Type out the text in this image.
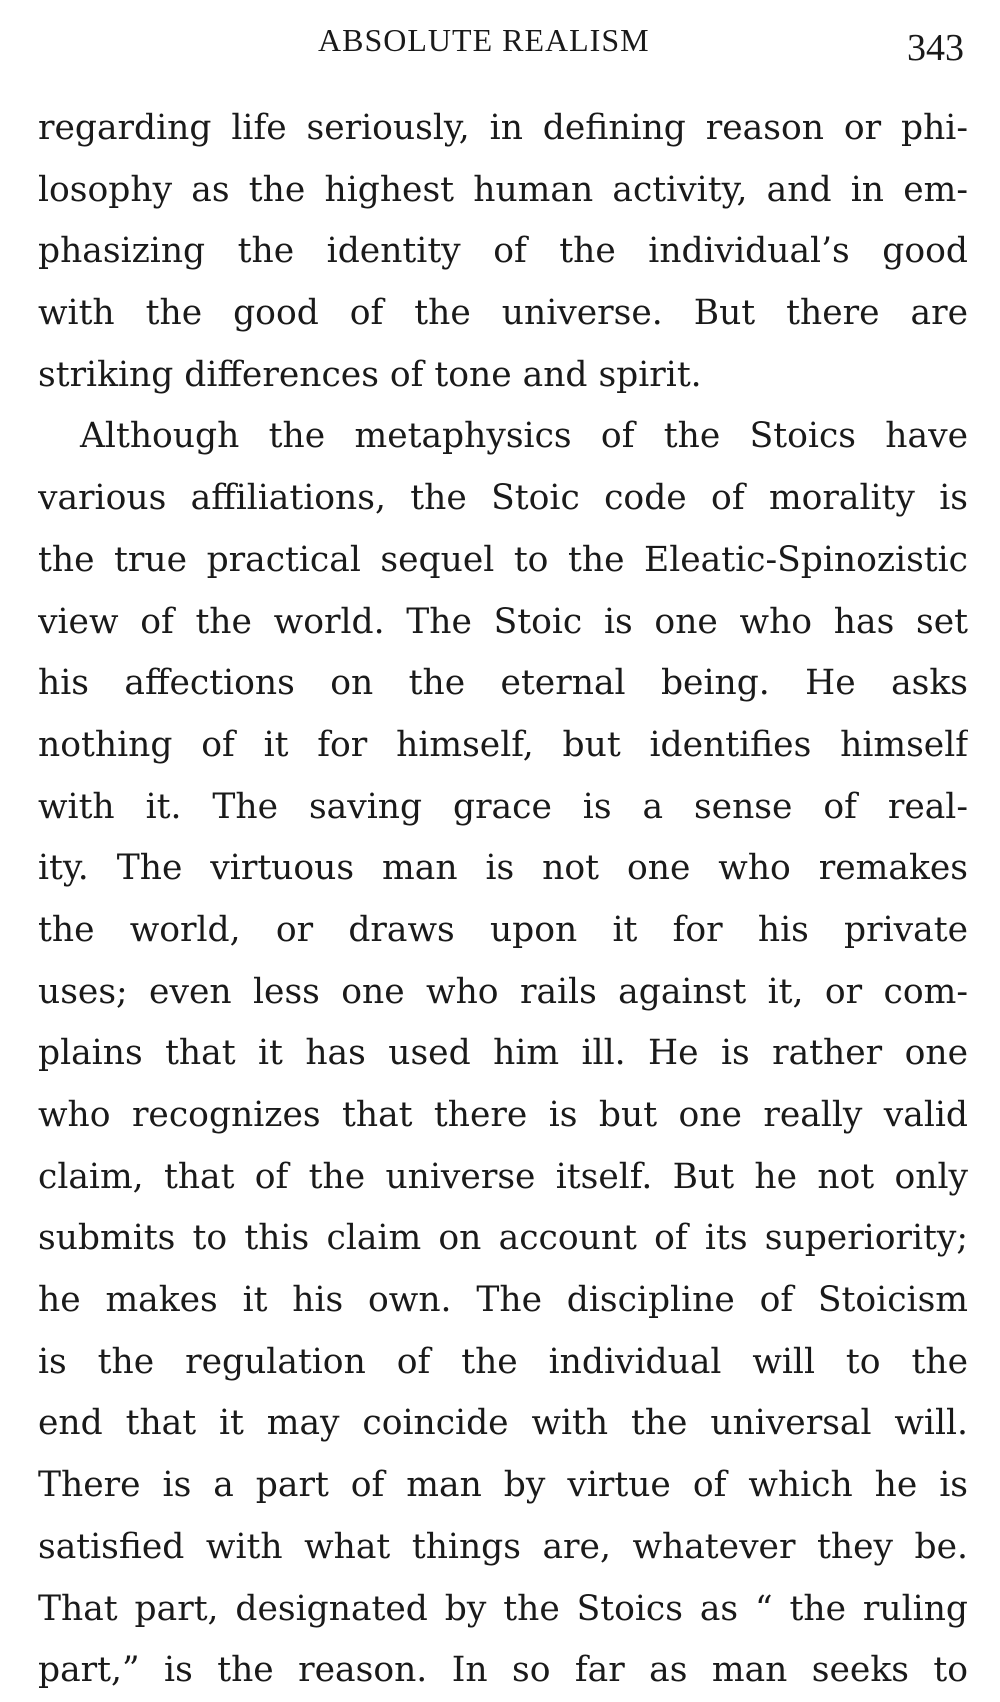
ABSOLUTE REALISM	343
regarding life seriously, in defining reason or phi-
losophy as the highest human activity, and in em-
phasizing the identity of the individual’s good
with the good of the universe. But there are
striking differences of tone and spirit.
Although the metaphysics of the Stoics have
various affiliations, the Stoic code of morality is
the true practical sequel to the Eleatic-Spinozistic
view of the world. The Stoic is one who has set
his affections on the eternal being. He asks
nothing of it for himself, but identifies himself
with it. The saving grace is a sense of real-
ity. The virtuous man is not one who remakes
the world, or draws upon it for his private
uses; even less one who rails against it, or com-
plains that it has used him ill. He is rather one
who recognizes that there is but one really valid
claim, that of the universe itself. But he not only
submits to this claim on account of its superiority;
he makes it his own. The discipline of Stoicism
is the regulation of the individual will to the
end that it may coincide with the universal will.
There is a part of man by virtue of which he is
satisfied with what things are, whatever they be.
That part, designated by the Stoics as “ the ruling
part,” is the reason. In so far as man seeks to
